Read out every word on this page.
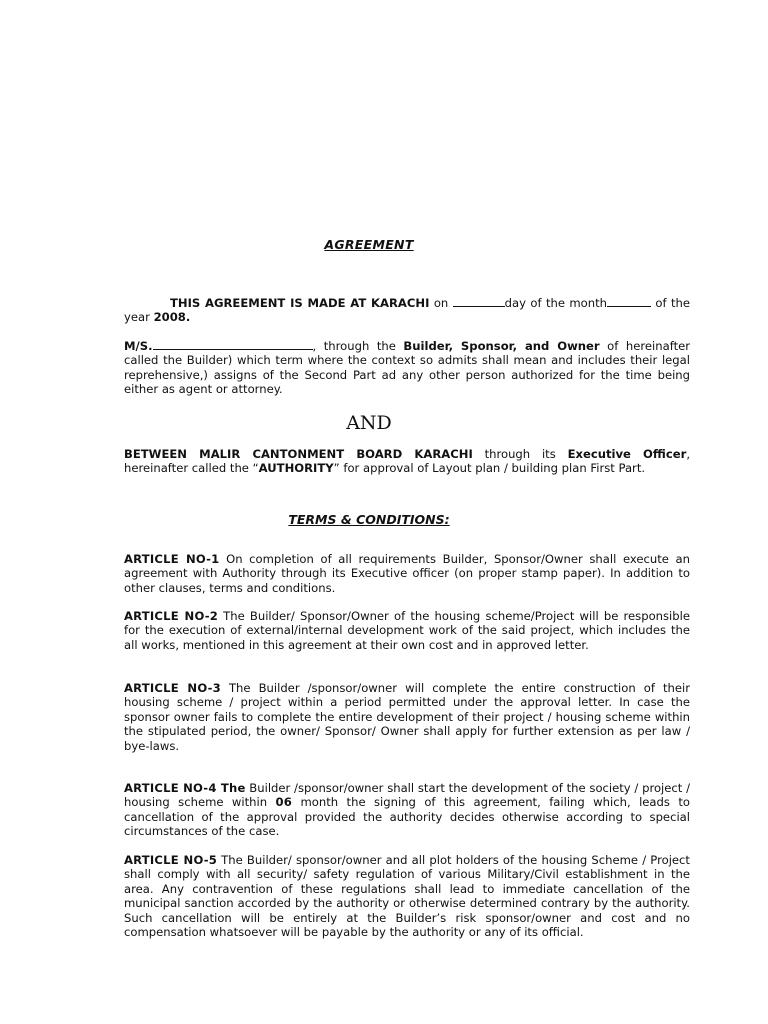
AGREEMENT

THIS AGREEMENT IS MADE AT KARACHI on	day of the month	of the year 2008.

M/S.	, through the Builder, Sponsor, and Owner of hereinafter called the Builder) which term where the context so admits shall mean and includes their legal reprehensive,) assigns of the Second Part ad any other person authorized for the time being either as agent or attorney.

AND

BETWEEN MALIR CANTONMENT BOARD KARACHI through its Executive Officer, hereinafter called the “AUTHORITY” for approval of Layout plan / building plan First Part.

TERMS & CONDITIONS:

ARTICLE NO-1 On completion of all requirements Builder, Sponsor/Owner shall execute an agreement with Authority through its Executive officer (on proper stamp paper). In addition to other clauses, terms and conditions.

ARTICLE NO-2 The Builder/ Sponsor/Owner of the housing scheme/Project will be responsible for the execution of external/internal development work of the said project, which includes the all works, mentioned in this agreement at their own cost and in approved letter.

ARTICLE NO-3 The Builder /sponsor/owner will complete the entire construction of their housing scheme / project within a period permitted under the approval letter. In case the sponsor owner fails to complete the entire development of their project / housing scheme within the stipulated period, the owner/ Sponsor/ Owner shall apply for further extension as per law / bye-laws.

ARTICLE NO-4 The Builder /sponsor/owner shall start the development of the society / project / housing scheme within 06 month the signing of this agreement, failing which, leads to cancellation of the approval provided the authority decides otherwise according to special circumstances of the case.

ARTICLE NO-5 The Builder/ sponsor/owner and all plot holders of the housing Scheme / Project shall comply with all security/ safety regulation of various Military/Civil establishment in the area. Any contravention of these regulations shall lead to immediate cancellation of the municipal sanction accorded by the authority or otherwise determined contrary by the authority. Such cancellation will be entirely at the Builder’s risk sponsor/owner and cost and no compensation whatsoever will be payable by the authority or any of its official.
